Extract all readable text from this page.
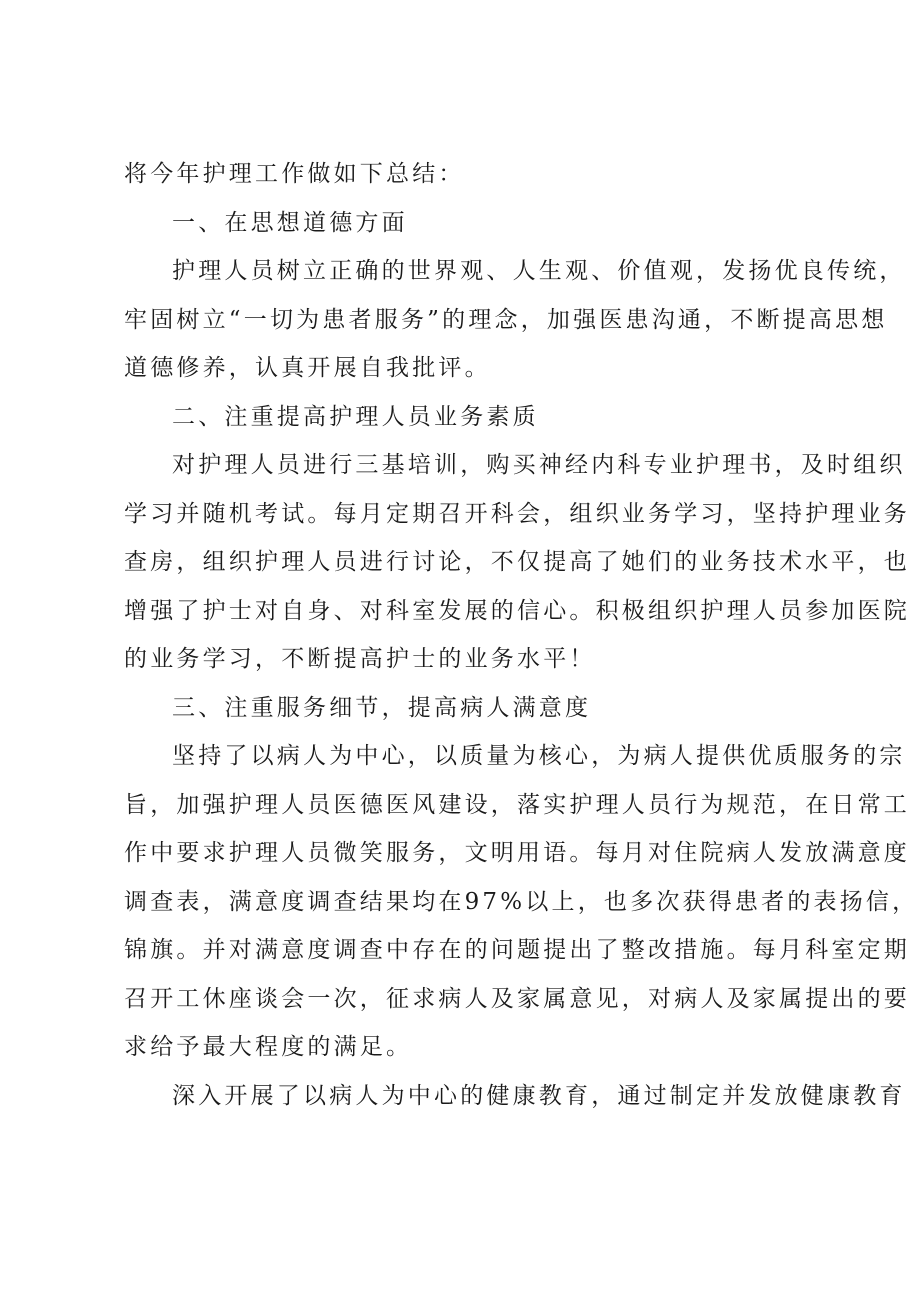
将今年护理工作做如下总结：
一、在思想道德方面
护理人员树立正确的世界观、人生观、价值观，发扬优良传统，
牢固树立“一切为患者服务”的理念，加强医患沟通，不断提高思想
道德修养，认真开展自我批评。
二、注重提高护理人员业务素质
对护理人员进行三基培训，购买神经内科专业护理书，及时组织
学习并随机考试。每月定期召开科会，组织业务学习，坚持护理业务
查房，组织护理人员进行讨论，不仅提高了她们的业务技术水平，也
增强了护士对自身、对科室发展的信心。积极组织护理人员参加医院
的业务学习，不断提高护士的业务水平！
三、注重服务细节，提高病人满意度
坚持了以病人为中心，以质量为核心，为病人提供优质服务的宗
旨，加强护理人员医德医风建设，落实护理人员行为规范，在日常工
作中要求护理人员微笑服务，文明用语。每月对住院病人发放满意度
调查表，满意度调查结果均在97%以上，也多次获得患者的表扬信，
锦旗。并对满意度调查中存在的问题提出了整改措施。每月科室定期
召开工休座谈会一次，征求病人及家属意见，对病人及家属提出的要
求给予最大程度的满足。
深入开展了以病人为中心的健康教育，通过制定并发放健康教育
